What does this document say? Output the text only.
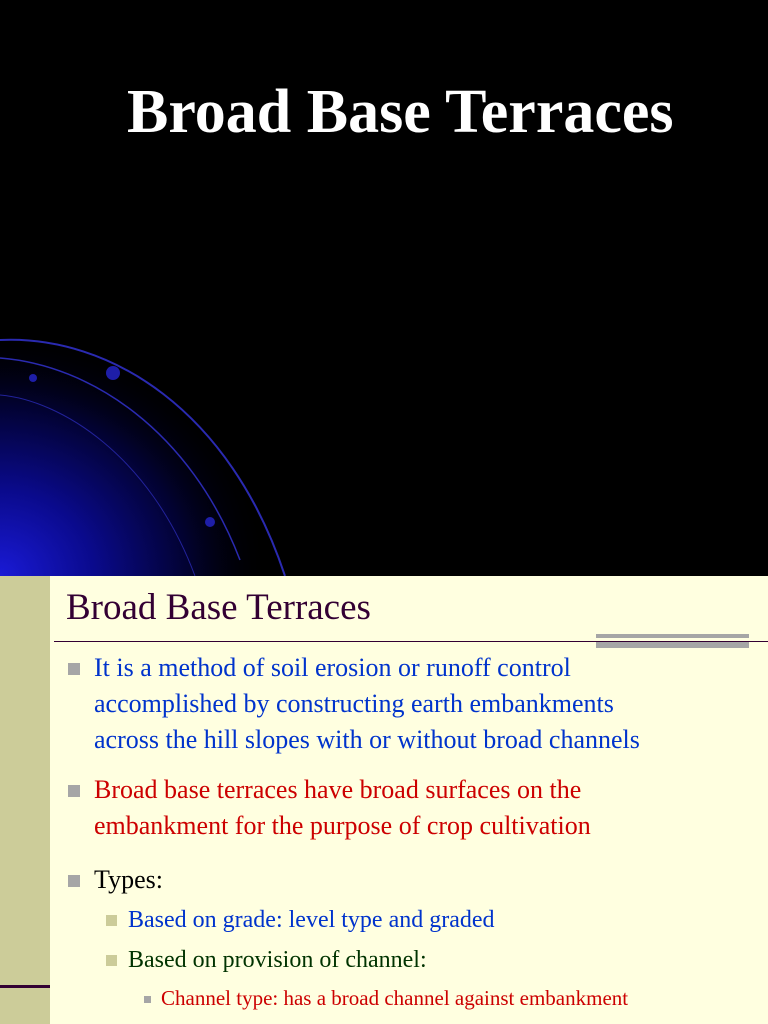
Broad Base Terraces
Broad Base Terraces
It is a method of soil erosion or runoff control
accomplished by constructing earth embankments
across the hill slopes with or without broad channels
Broad base terraces have broad surfaces on the
embankment for the purpose of crop cultivation
Types:
Based on grade: level type and graded
Based on provision of channel:
Channel type: has a broad channel against embankment
